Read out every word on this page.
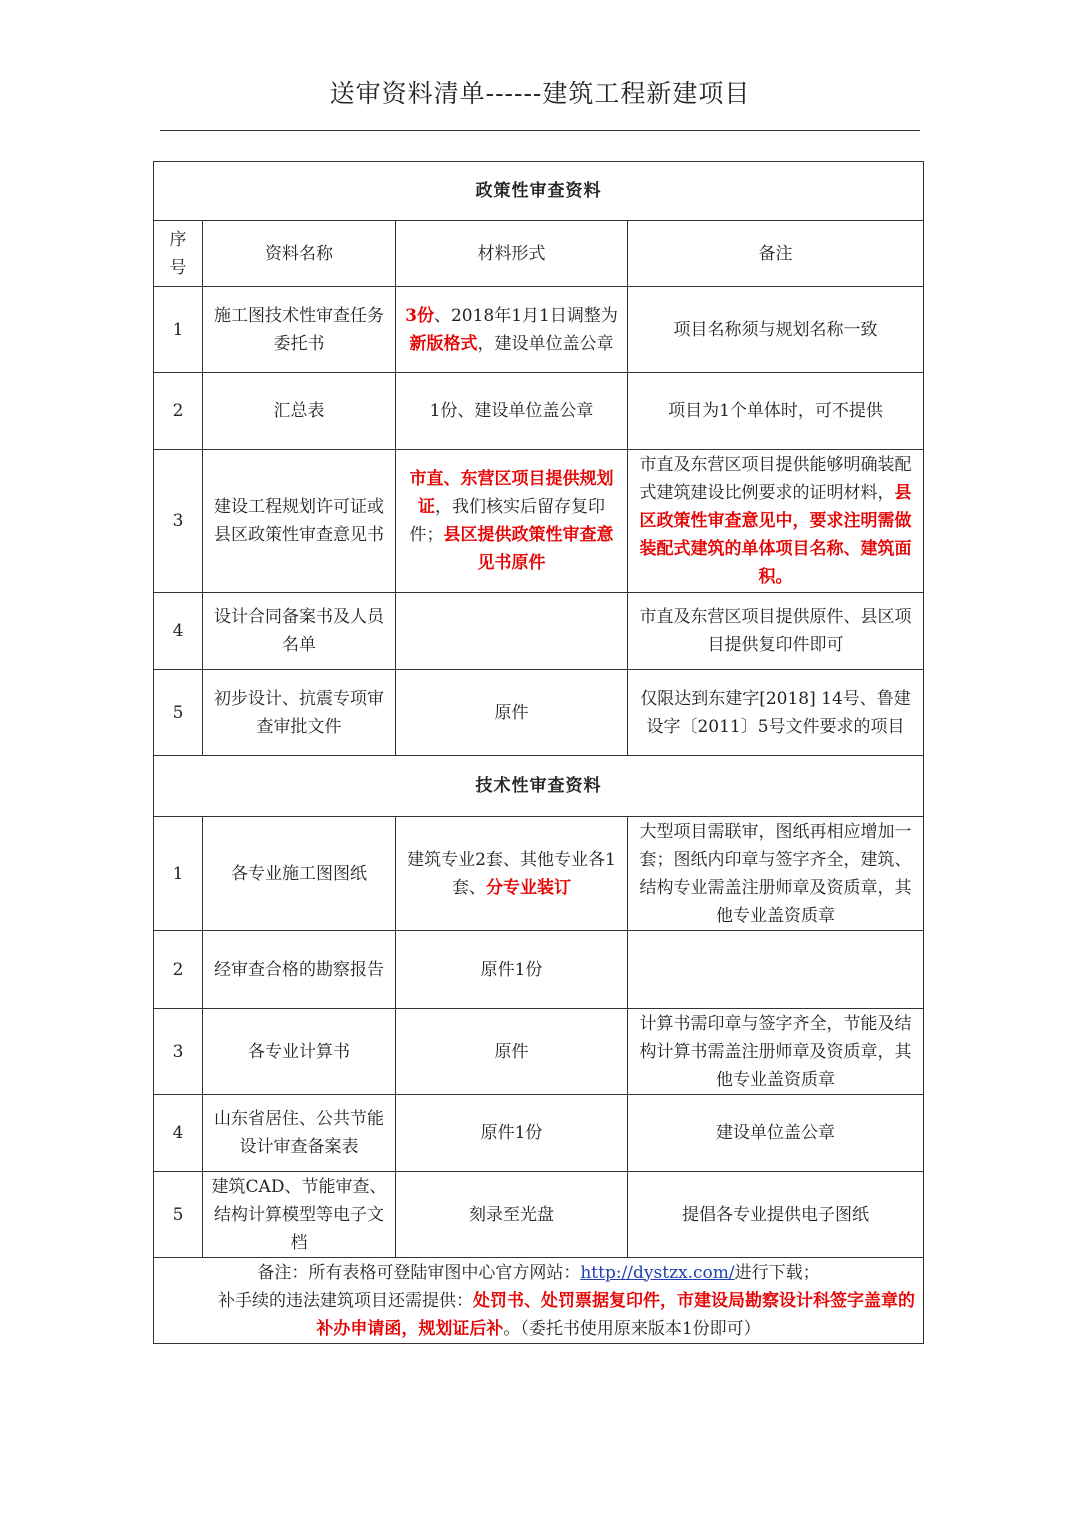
送审资料清单------建筑工程新建项目
政策性审查资料			
序号	资料名称	材料形式	备注
1	施工图技术性审查任务委托书	3份、2018年1月1日调整为新版格式，建设单位盖公章	项目名称须与规划名称一致
2	汇总表	1份、建设单位盖公章	项目为1个单体时，可不提供
3	建设工程规划许可证或县区政策性审查意见书	市直、东营区项目提供规划证，我们核实后留存复印件；县区提供政策性审查意见书原件	市直及东营区项目提供能够明确装配式建筑建设比例要求的证明材料，县区政策性审查意见中，要求注明需做装配式建筑的单体项目名称、建筑面积。
4	设计合同备案书及人员名单		市直及东营区项目提供原件、县区项目提供复印件即可
5	初步设计、抗震专项审查审批文件	原件	仅限达到东建字[2018] 14号、鲁建设字〔2011〕5号文件要求的项目
技术性审查资料			
1	各专业施工图图纸	建筑专业2套、其他专业各1套、分专业装订	大型项目需联审，图纸再相应增加一套；图纸内印章与签字齐全，建筑、结构专业需盖注册师章及资质章，其他专业盖资质章
2	经审查合格的勘察报告	原件1份	
3	各专业计算书	原件	计算书需印章与签字齐全，节能及结构计算书需盖注册师章及资质章，其他专业盖资质章
4	山东省居住、公共节能设计审查备案表	原件1份	建设单位盖公章
5	建筑CAD、节能审查、结构计算模型等电子文档	刻录至光盘	提倡各专业提供电子图纸

备注：所有表格可登陆审图中心官方网站：http://dystzx.com/进行下载；
补手续的违法建筑项目还需提供：处罚书、处罚票据复印件，市建设局勘察设计科签字盖章的补办申请函，规划证后补。（委托书使用原来版本1份即可）			
